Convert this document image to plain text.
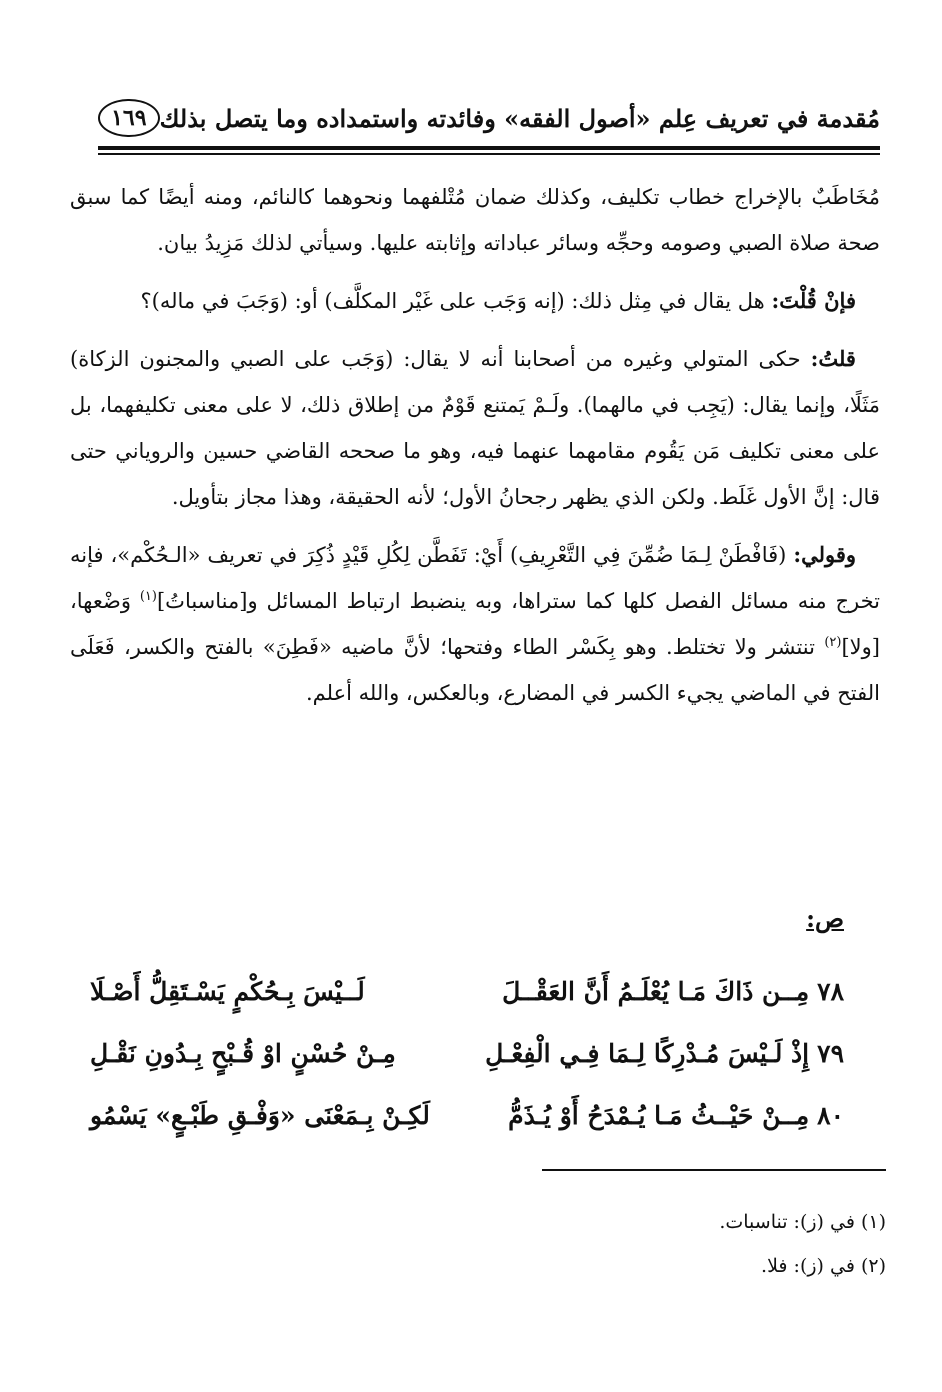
مُقدمة في تعريف عِلم «أصول الفقه» وفائدته واستمداده وما يتصل بذلك
١٦٩

مُخَاطَبٌ بالإخراج خطاب تكليف، وكذلك ضمان مُتْلفهما ونحوهما كالنائم، ومنه أيضًا كما سبق صحة صلاة الصبي وصومه وحجِّه وسائر عباداته وإثابته عليها. وسيأتي لذلك مَزِيدُ بيان.

فإنْ قُلْتَ: هل يقال في مِثل ذلك: (إنه وَجَب على غَيْر المكلَّف) أو: (وَجَبَ في ماله)؟

قلتُ: حكى المتولي وغيره من أصحابنا أنه لا يقال: (وَجَب على الصبي والمجنون الزكاة) مَثَلًا، وإنما يقال: (يَجِب في مالهما). ولَـمْ يَمتنع قَوْمٌ من إطلاق ذلك، لا على معنى تكليفهما، بل على معنى تكليف مَن يَقُوم مقامهما عنهما فيه، وهو ما صححه القاضي حسين والروياني حتى قال: إنَّ الأول غَلَط. ولكن الذي يظهر رجحانُ الأول؛ لأنه الحقيقة، وهذا مجاز بتأويل.

وقولي: (فَافْطَنْ لِـمَا ضُمِّنَ فِي التَّعْرِيفِ) أَيْ: تَفَطَّن لِكُلِ قَيْدٍ ذُكِرَ في تعريف «الـحُكْم»، فإنه تخرج منه مسائل الفصل كلها كما ستراها، وبه ينضبط ارتباط المسائل و[مناسباتُ]$^{(١)}$ وَضْعها، [ولا]$^{(٢)}$ تنتشر ولا تختلط. وهو بِكَسْر الطاء وفتحها؛ لأنَّ ماضيه «فَطِنَ» بالفتح والكسر، فَعَلَى الفتح في الماضي يجيء الكسر في المضارع، وبالعكس، والله أعلم.

ص:
٧٨مِــن ذَاكَ مَـا يُعْلَـمُ أَنَّ العَقْــلَ
لَــيْسَ بِـحُكْمٍ يَسْـتَقِلُّ أَصْـلَا
٧٩إِذْ لَـيْسَ مُـدْرِكًا لِـمَا فِـي الْفِعْـلِ
مِـنْ حُسْنٍ اوْ قُـبْحٍ بِـدُونِ نَقْـلِ
٨٠مِــنْ حَيْــثُ مَـا يُـمْدَحُ أَوْ يُـذَمُّ
لَكِـنْ بِـمَعْنَى «وَفْـقِ طَبْـعٍ» يَسْمُو
(١) في (ز): تناسبات.
(٢) في (ز): فلا.
